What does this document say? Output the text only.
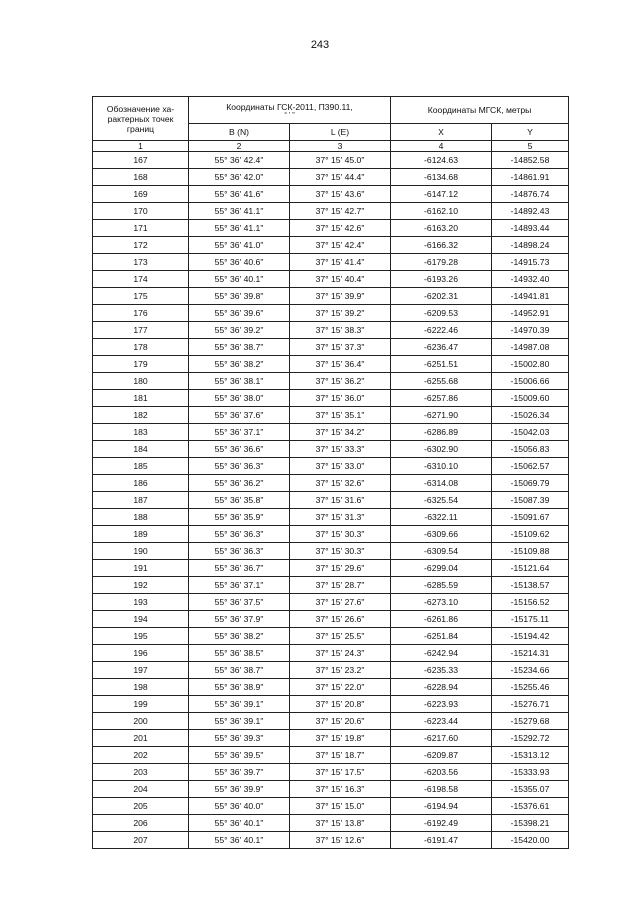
243
Обозначение ха- рактерных точек границ	Координаты ГСК-2011, П390.11,
° ' "		Координаты МГСК, метры	
	B (N)	L (E)	X	Y
1	2	3	4	5
167	55° 36' 42.4"	37° 15' 45.0"	-6124.63	-14852.58
168	55° 36' 42.0"	37° 15' 44.4"	-6134.68	-14861.91
169	55° 36' 41.6"	37° 15' 43.6"	-6147.12	-14876.74
170	55° 36' 41.1"	37° 15' 42.7"	-6162.10	-14892.43
171	55° 36' 41.1"	37° 15' 42.6"	-6163.20	-14893.44
172	55° 36' 41.0"	37° 15' 42.4"	-6166.32	-14898.24
173	55° 36' 40.6"	37° 15' 41.4"	-6179.28	-14915.73
174	55° 36' 40.1"	37° 15' 40.4"	-6193.26	-14932.40
175	55° 36' 39.8"	37° 15' 39.9"	-6202.31	-14941.81
176	55° 36' 39.6"	37° 15' 39.2"	-6209.53	-14952.91
177	55° 36' 39.2"	37° 15' 38.3"	-6222.46	-14970.39
178	55° 36' 38.7"	37° 15' 37.3"	-6236.47	-14987.08
179	55° 36' 38.2"	37° 15' 36.4"	-6251.51	-15002.80
180	55° 36' 38.1"	37° 15' 36.2"	-6255.68	-15006.66
181	55° 36' 38.0"	37° 15' 36.0"	-6257.86	-15009.60
182	55° 36' 37.6"	37° 15' 35.1"	-6271.90	-15026.34
183	55° 36' 37.1"	37° 15' 34.2"	-6286.89	-15042.03
184	55° 36' 36.6"	37° 15' 33.3"	-6302.90	-15056.83
185	55° 36' 36.3"	37° 15' 33.0"	-6310.10	-15062.57
186	55° 36' 36.2"	37° 15' 32.6"	-6314.08	-15069.79
187	55° 36' 35.8"	37° 15' 31.6"	-6325.54	-15087.39
188	55° 36' 35.9"	37° 15' 31.3"	-6322.11	-15091.67
189	55° 36' 36.3"	37° 15' 30.3"	-6309.66	-15109.62
190	55° 36' 36.3"	37° 15' 30.3"	-6309.54	-15109.88
191	55° 36' 36.7"	37° 15' 29.6"	-6299.04	-15121.64
192	55° 36' 37.1"	37° 15' 28.7"	-6285.59	-15138.57
193	55° 36' 37.5"	37° 15' 27.6"	-6273.10	-15156.52
194	55° 36' 37.9"	37° 15' 26.6"	-6261.86	-15175.11
195	55° 36' 38.2"	37° 15' 25.5"	-6251.84	-15194.42
196	55° 36' 38.5"	37° 15' 24.3"	-6242.94	-15214.31
197	55° 36' 38.7"	37° 15' 23.2"	-6235.33	-15234.66
198	55° 36' 38.9"	37° 15' 22.0"	-6228.94	-15255.46
199	55° 36' 39.1"	37° 15' 20.8"	-6223.93	-15276.71
200	55° 36' 39.1"	37° 15' 20.6"	-6223.44	-15279.68
201	55° 36' 39.3"	37° 15' 19.8"	-6217.60	-15292.72
202	55° 36' 39.5"	37° 15' 18.7"	-6209.87	-15313.12
203	55° 36' 39.7"	37° 15' 17.5"	-6203.56	-15333.93
204	55° 36' 39.9"	37° 15' 16.3"	-6198.58	-15355.07
205	55° 36' 40.0"	37° 15' 15.0"	-6194.94	-15376.61
206	55° 36' 40.1"	37° 15' 13.8"	-6192.49	-15398.21
207	55° 36' 40.1"	37° 15' 12.6"	-6191.47	-15420.00
